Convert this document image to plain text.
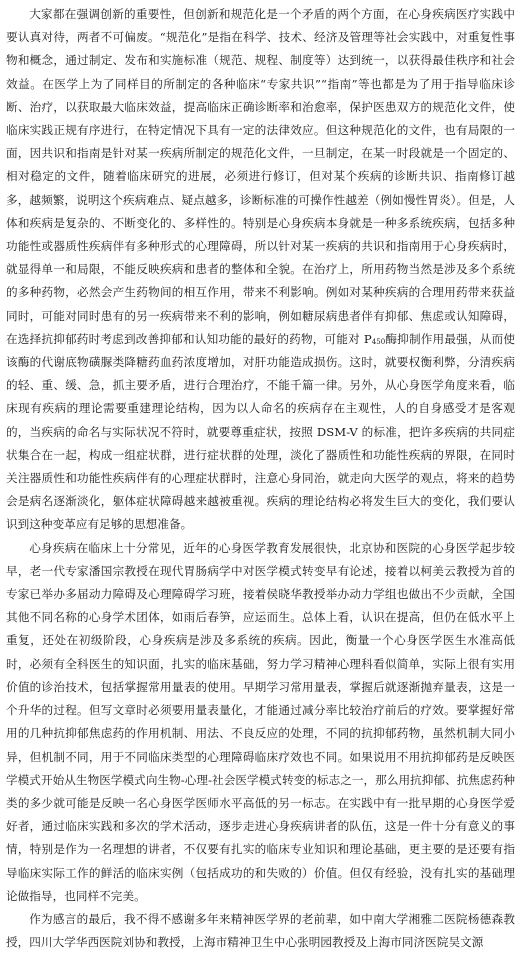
大家都在强调创新的重要性，但创新和规范化是一个矛盾的两个方面，在心身疾病医疗实践中要认真对待，两者不可偏废。“规范化”是指在科学、技术、经济及管理等社会实践中，对重复性事物和概念，通过制定、发布和实施标准（规范、规程、制度等）达到统一，以获得最佳秩序和社会效益。在医学上为了同样目的所制定的各种临床“专家共识”“指南”等也都是为了用于指导临床诊断、治疗，以获取最大临床效益，提高临床正确诊断率和治愈率，保护医患双方的规范化文件，使临床实践正规有序进行，在特定情况下具有一定的法律效应。但这种规范化的文件，也有局限的一面，因共识和指南是针对某一疾病所制定的规范化文件，一旦制定，在某一时段就是一个固定的、相对稳定的文件，随着临床研究的进展，必须进行修订，但对某个疾病的诊断共识、指南修订越多，越频繁，说明这个疾病难点、疑点越多，诊断标准的可操作性越差（例如慢性胃炎）。但是，人体和疾病是复杂的、不断变化的、多样性的。特别是心身疾病本身就是一种多系统疾病，包括多种功能性或器质性疾病伴有多种形式的心理障碍，所以针对某一疾病的共识和指南用于心身疾病时，就显得单一和局限，不能反映疾病和患者的整体和全貌。在治疗上，所用药物当然是涉及多个系统的多种药物，必然会产生药物间的相互作用，带来不利影响。例如对某种疾病的合理用药带来获益同时，可能对同时患有的另一疾病带来不利的影响，例如糖尿病患者伴有抑郁、焦虑或认知障碍，在选择抗抑郁药时考虑到改善抑郁和认知功能的最好的药物，可能对 $P_{450}$酶抑制作用最强，从而使该酶的代谢底物磺脲类降糖药血药浓度增加，对肝功能造成损伤。这时，就要权衡利弊，分清疾病的轻、重、缓、急，抓主要矛盾，进行合理治疗，不能千篇一律。另外，从心身医学角度来看，临床现有疾病的理论需要重建理论结构，因为以人命名的疾病存在主观性，人的自身感受才是客观的，当疾病的命名与实际状况不符时，就要尊重症状，按照 DSM-V 的标准，把许多疾病的共同症状集合在一起，构成一组症状群，进行症状群的处理，淡化了器质性和功能性疾病的界限，在同时关注器质性和功能性疾病伴有的心理症状群时，注意心身同治，就走向大医学的观点，将来的趋势会是病名逐渐淡化，躯体症状障碍越来越被重视。疾病的理论结构必将发生巨大的变化，我们要认识到这种变革应有足够的思想准备。

心身疾病在临床上十分常见，近年的心身医学教育发展很快，北京协和医院的心身医学起步较早，老一代专家潘国宗教授在现代胃肠病学中对医学模式转变早有论述，接着以柯美云教授为首的专家已举办多届动力障碍及心理障碍学习班，接着侯晓华教授举办动力学组也做出不少贡献，全国其他不同名称的心身学术团体，如雨后春笋，应运而生。总体上看，认识在提高，但仍在低水平上重复，还处在初级阶段，心身疾病是涉及多系统的疾病。因此，衡量一个心身医学医生水准高低时，必须有全科医生的知识面，扎实的临床基础，努力学习精神心理科看似简单，实际上很有实用价值的诊治技术，包括掌握常用量表的使用。早期学习常用量表，掌握后就逐渐抛弃量表，这是一个升华的过程。但写文章时必须要用量表量化，才能通过减分率比较治疗前后的疗效。要掌握好常用的几种抗抑郁焦虑药的作用机制、用法、不良反应的处理，不同的抗抑郁药物，虽然机制大同小异，但机制不同，用于不同临床类型的心理障碍临床疗效也不同。如果说用不用抗抑郁药是反映医学模式开始从生物医学模式向生物-心理-社会医学模式转变的标志之一，那么用抗抑郁、抗焦虑药种类的多少就可能是反映一名心身医学医师水平高低的另一标志。在实践中有一批早期的心身医学爱好者，通过临床实践和多次的学术活动，逐步走进心身疾病讲者的队伍，这是一件十分有意义的事情，特别是作为一名理想的讲者，不仅要有扎实的临床专业知识和理论基础，更主要的是还要有指导临床实际工作的鲜活的临床实例（包括成功的和失败的）价值。但仅有经验，没有扎实的基础理论做指导，也同样不完美。

作为感言的最后，我不得不感谢多年来精神医学界的老前辈，如中南大学湘雅二医院杨德森教授，四川大学华西医院刘协和教授，上海市精神卫生中心张明园教授及上海市同济医院吴文源
